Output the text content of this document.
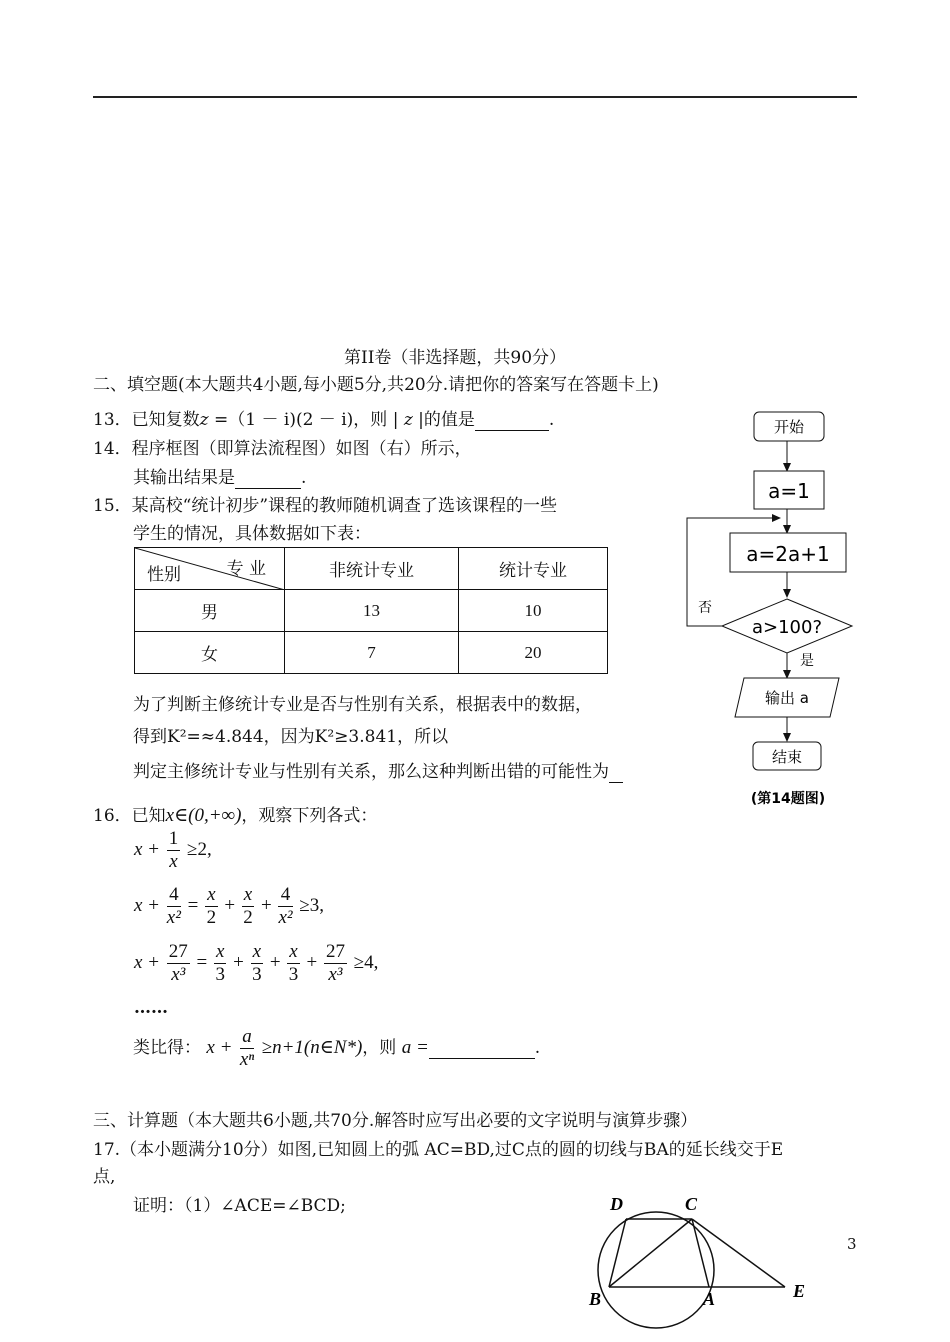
第II卷（非选择题，共90分）
二、填空题(本大题共4小题,每小题5分,共20分.请把你的答案写在答题卡上)
13．已知复数z =（1 － i)(2 － i)，则 | z |的值是	.
14．程序框图（即算法流程图）如图（右）所示，
其输出结果是	.
15．某高校“统计初步”课程的教师随机调查了选该课程的一些
学生的情况，具体数据如下表：
专 业
性别	非统计专业	统计专业
男	13	10
女	7	20
为了判断主修统计专业是否与性别有关系，根据表中的数据，
得到K²=≈4.844，因为K²≥3.841，所以
判定主修统计专业与性别有关系，那么这种判断出错的可能性为
16．已知x∈(0,+∞)，观察下列各式：
$x + \frac{1}{x} \ge 2$,
$x + \frac{4}{\text{x²}} = \frac{x}{2} + \frac{x}{2} + \frac{4}{\text{x²}} \ge 3$,
$x + \frac{27}{\text{x³}} = \frac{x}{3} + \frac{x}{3} + \frac{x}{3} + \frac{27}{\text{x³}} \ge 4$,
……
类比得： $x + \frac{a}{\text{xⁿ}}$ ≥n+1(n∈N*)，则 a =	.
三、计算题（本大题共6小题,共70分.解答时应写出必要的文字说明与演算步骤）
17.（本小题满分10分）如图,已知圆上的弧 AC=BD,过C点的圆的切线与BA的延长线交于E
点,
证明：（1）∠ACE=∠BCD;
3
开始
a=1
a=2a+1
a>100?
否
是
输出 a
结束
(第14题图)
D	C
B	A	E
